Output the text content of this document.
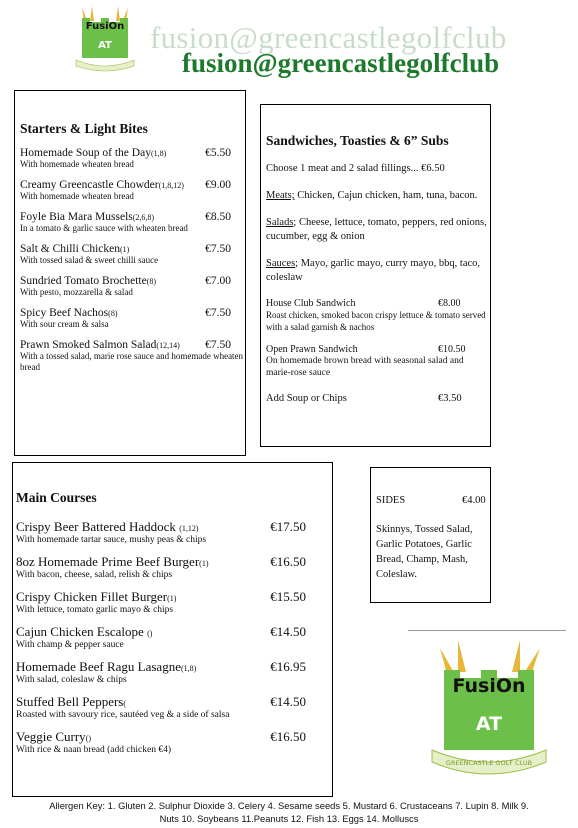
FusiOn
AT fusion@greencastlegolfclub
fusion@greencastlegolfclub
Starters & Light Bites
Homemade Soup of the Day(1,8)	€5.50
With homemade wheaten bread
Creamy Greencastle Chowder(1,8,12)	€9.00
With homemade wheaten bread
Foyle Bia Mara Mussels(2,6,8)	€8.50
In a tomato & garlic sauce with wheaten bread
Salt & Chilli Chicken(1)	€7.50
With tossed salad & sweet chilli sauce
Sundried Tomato Brochette(8)	€7.00
With pesto, mozzarella & salad
Spicy Beef Nachos(8)	€7.50
With sour cream & salsa
Prawn Smoked Salmon Salad(12,14)	€7.50
With a tossed salad, marie rose sauce and homemade wheaten bread
Sandwiches, Toasties & 6” Subs

Choose 1 meat and 2 salad fillings... €6.50

Meats; Chicken, Cajun chicken, ham, tuna, bacon.

Salads; Cheese, lettuce, tomato, peppers, red onions, cucumber, egg & onion

Sauces; Mayo, garlic mayo, curry mayo, bbq, taco, coleslaw

House Club Sandwich	€8.00
Roast chicken, smoked bacon crispy lettuce & tomato served with a salad garnish & nachos
Open Prawn Sandwich	€10.50
On homemade brown bread with seasonal salad and marie-rose sauce
Add Soup or Chips	€3.50
Main Courses
Crispy Beer Battered Haddock (1,12)	€17.50
With homemade tartar sauce, mushy peas & chips
8oz Homemade Prime Beef Burger(1)	€16.50
With bacon, cheese, salad, relish & chips
Crispy Chicken Fillet Burger(1)	€15.50
With lettuce, tomato garlic mayo & chips
Cajun Chicken Escalope ()	€14.50
With champ & pepper sauce
Homemade Beef Ragu Lasagne(1,8)	€16.95
With salad, coleslaw & chips
Stuffed Bell Peppers(	€14.50
Roasted with savoury rice, sautéed veg & a side of salsa
Veggie Curry()	€16.50
With rice & naan bread (add chicken €4)
SIDES	€4.00
Skinnys, Tossed Salad, Garlic Potatoes, Garlic Bread, Champ, Mash, Coleslaw.
FusiOn
AT
GREENCASTLE GOLF CLUB
Allergen Key: 1. Gluten 2. Sulphur Dioxide 3. Celery 4. Sesame seeds 5. Mustard 6. Crustaceans 7. Lupin 8. Milk 9.
Nuts 10. Soybeans 11.Peanuts 12. Fish 13. Eggs 14. Molluscs
